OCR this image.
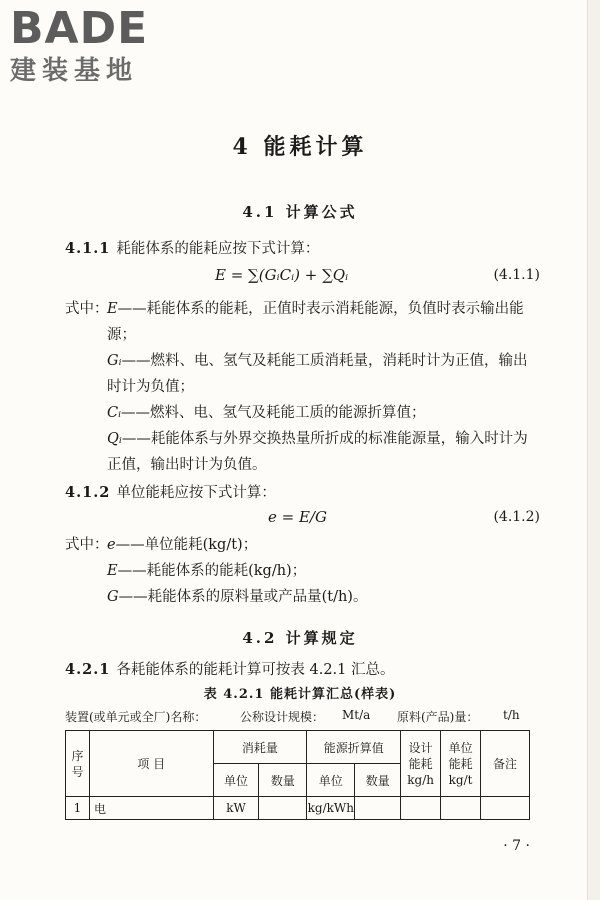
BADE
建装基地
4 能耗计算
4.1 计算公式
4.1.1 耗能体系的能耗应按下式计算：
E = ∑(GᵢCᵢ) + ∑Qᵢ	(4.1.1)
式中：
E——耗能体系的能耗，正值时表示消耗能源，负值时表示输出能源；
Gᵢ——燃料、电、氢气及耗能工质消耗量，消耗时计为正值，输出时计为负值；
Cᵢ——燃料、电、氢气及耗能工质的能源折算值；
Qᵢ——耗能体系与外界交换热量所折成的标准能源量，输入时计为正值，输出时计为负值。
4.1.2 单位能耗应按下式计算：
e = E/G	(4.1.2)
式中：
e——单位能耗(kg/t)；
E——耗能体系的能耗(kg/h)；
G——耗能体系的原料量或产品量(t/h)。
4.2 计算规定
4.2.1 各耗能体系的能耗计算可按表 4.2.1 汇总。
表 4.2.1 能耗计算汇总(样表)
装置(或单元或全厂)名称：	公称设计规模： Mt/a 原料(产品)量： t/h
序号	项 目	消耗量		能源折算值		设计能耗 kg/h	单位能耗 kg/t	备注
		单位	数量	单位	数量			
1	电	kW		kg/kWh				
· 7 ·
